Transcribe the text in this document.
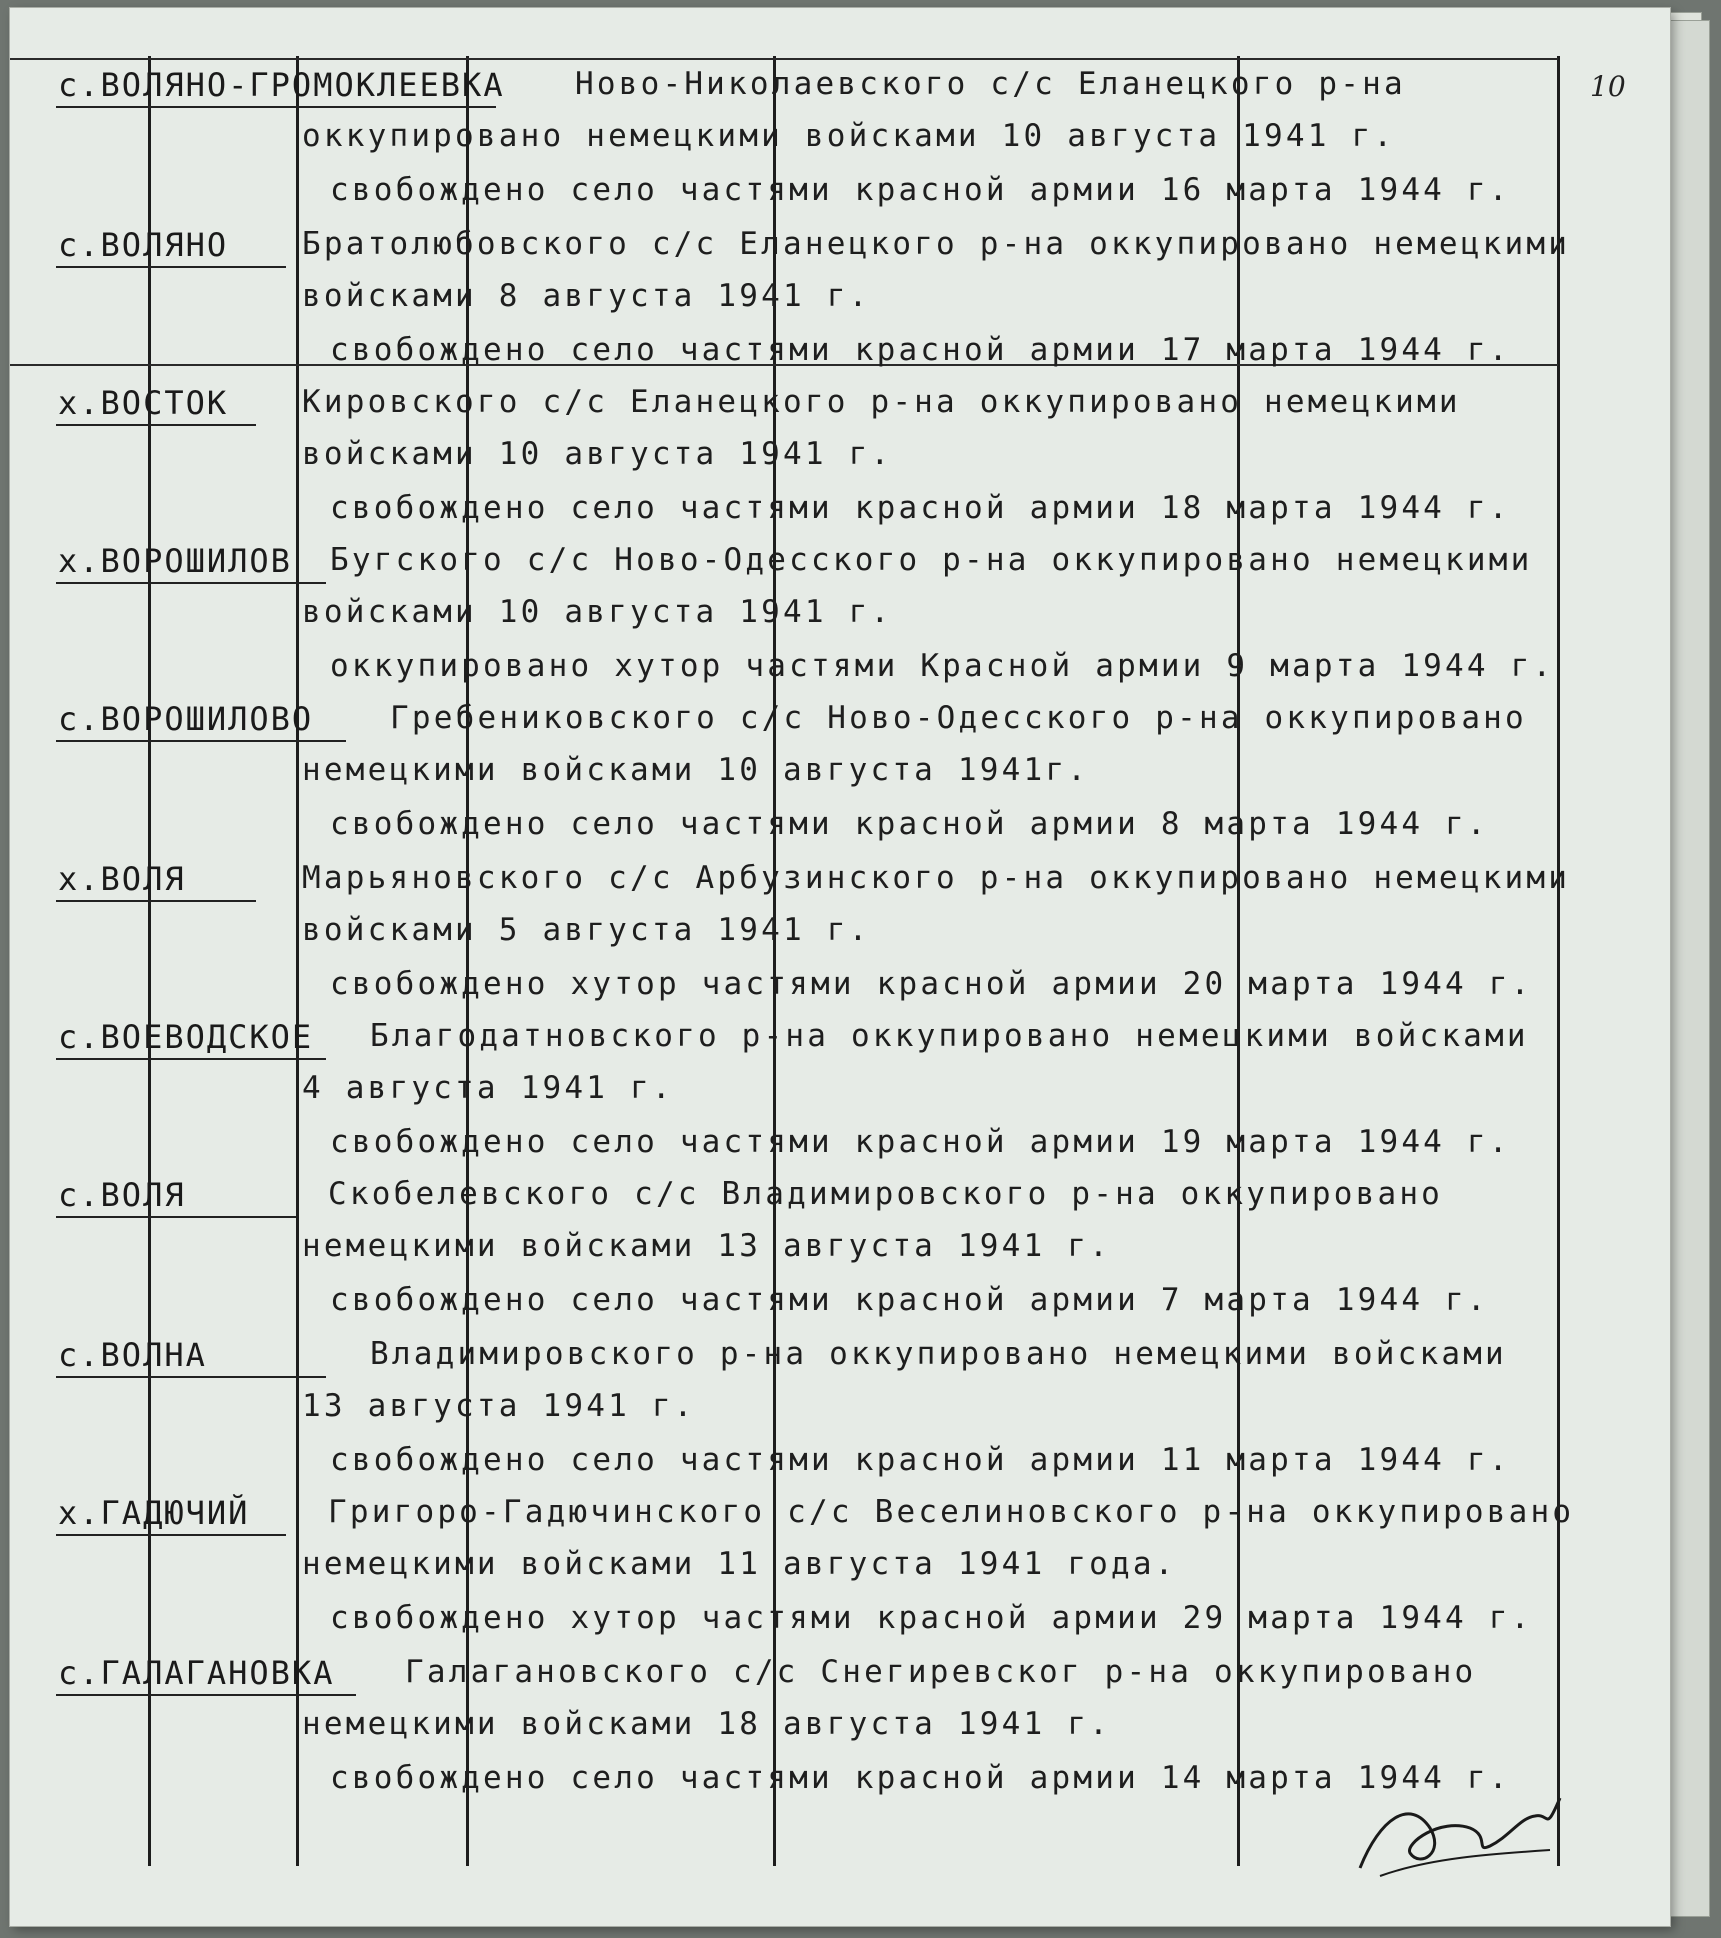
10
с.ВОЛЯНО-ГРОМОКЛЕЕВКА Ново-Николаевского с/с Еланецкого р-на
оккупировано немецкими войсками 10 августа 1941 г.
свобождено село частями красной армии 16 марта 1944 г.
с.ВОЛЯНО Братолюбовского с/с Еланецкого р-на оккупировано немецкими
войсками 8 августа 1941 г.
свобождено село частями красной армии 17 марта 1944 г.
х.ВОСТОК Кировского с/с Еланецкого р-на оккупировано немецкими
войсками 10 августа 1941 г.
свобождено село частями красной армии 18 марта 1944 г.
х.ВОРОШИЛОВ Бугского с/с Ново-Одесского р-на оккупировано немецкими
войсками 10 августа 1941 г.
оккупировано хутор частями Красной армии 9 марта 1944 г.
с.ВОРОШИЛОВО Гребениковского с/с Ново-Одесского р-на оккупировано
немецкими войсками 10 августа 1941г.
свобождено село частями красной армии 8 марта 1944 г.
х.ВОЛЯ	Марьяновского с/с Арбузинского р-на оккупировано немецкими
войсками 5 августа 1941 г.
свобождено хутор частями красной армии 20 марта 1944 г.
с.ВОЕВОДСКОЕ Благодатновского р-на оккупировано немецкими войсками
4 августа 1941 г.
свобождено село частями красной армии 19 марта 1944 г.
с.ВОЛЯ	Скобелевского с/с Владимировского р-на оккупировано
немецкими войсками 13 августа 1941 г.
свобождено село частями красной армии 7 марта 1944 г.
с.ВОЛНА	Владимировского р-на оккупировано немецкими войсками
13 августа 1941 г.
свобождено село частями красной армии 11 марта 1944 г.
х.ГАДЮЧИЙ	Григоро-Гадючинского с/с Веселиновского р-на оккупировано
немецкими войсками 11 августа 1941 года.
свобождено хутор частями красной армии 29 марта 1944 г.
с.ГАЛАГАНОВКА Галагановского с/с Снегиревског р-на оккупировано
немецкими войсками 18 августа 1941 г.
свобождено село частями красной армии 14 марта 1944 г.
